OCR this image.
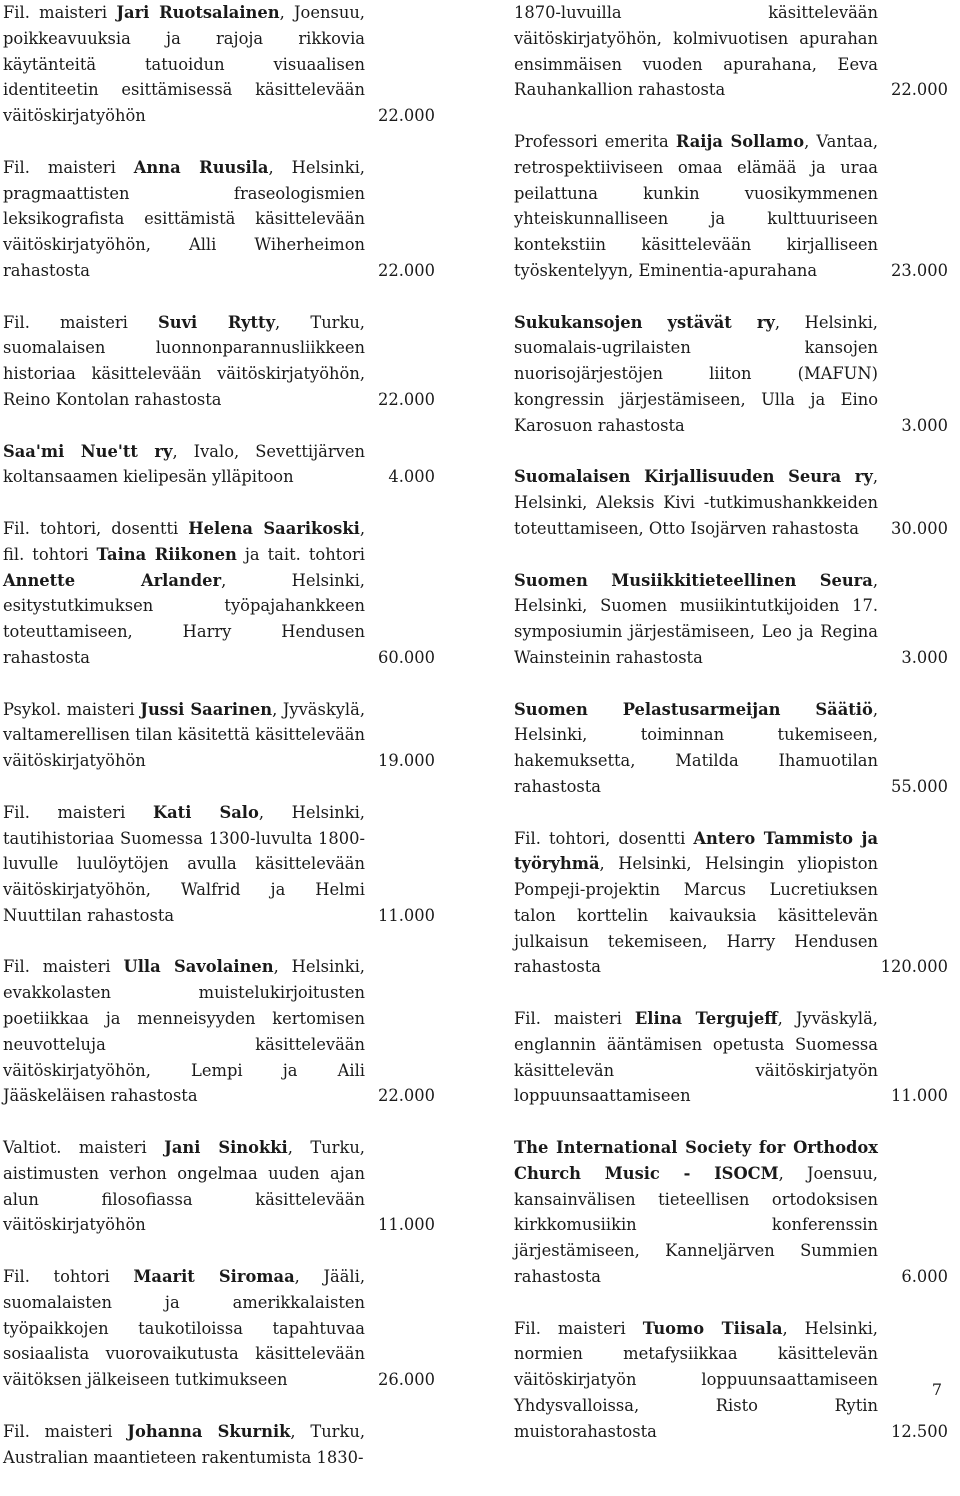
Fil. maisteri Jari Ruotsalainen, Joensuu, poikkeavuuksia ja rajoja rikkovia käytänteitä tatuoidun visuaalisen identiteetin esittämisessä käsittelevään väitöskirjatyöhön	22.000
Fil. maisteri Anna Ruusila, Helsinki, pragmaattisten fraseologismien leksikografista esittämistä käsittelevään väitöskirjatyöhön, Alli Wiherheimon rahastosta	22.000
Fil. maisteri Suvi Rytty, Turku, suomalaisen luonnonparannusliikkeen historiaa käsittelevään väitöskirjatyöhön, Reino Kontolan rahastosta	22.000
Saa'mi Nue'tt ry, Ivalo, Sevettijärven koltansaamen kielipesän ylläpitoon	4.000
Fil. tohtori, dosentti Helena Saarikoski, fil. tohtori Taina Riikonen ja tait. tohtori Annette Arlander, Helsinki, esitystutkimuksen työpajahankkeen toteuttamiseen, Harry Hendusen rahastosta	60.000
Psykol. maisteri Jussi Saarinen, Jyväskylä, valtamerellisen tilan käsitettä käsittelevään väitöskirjatyöhön	19.000
Fil. maisteri Kati Salo, Helsinki, tautihistoriaa Suomessa 1300-luvulta 1800-luvulle luulöytöjen avulla käsittelevään väitöskirjatyöhön, Walfrid ja Helmi Nuuttilan rahastosta	11.000
Fil. maisteri Ulla Savolainen, Helsinki, evakkolasten muistelukirjoitusten poetiikkaa ja menneisyyden kertomisen neuvotteluja käsittelevään väitöskirjatyöhön, Lempi ja Aili Jääskeläisen rahastosta	22.000
Valtiot. maisteri Jani Sinokki, Turku, aistimusten verhon ongelmaa uuden ajan alun filosofiassa käsittelevään väitöskirjatyöhön	11.000
Fil. tohtori Maarit Siromaa, Jääli, suomalaisten ja amerikkalaisten työpaikkojen taukotiloissa tapahtuvaa sosiaalista vuorovaikutusta käsittelevään väitöksen jälkeiseen tutkimukseen	26.000
Fil. maisteri Johanna Skurnik, Turku, Australian maantieteen rakentumista 1830-
1870-luvuilla käsittelevään väitöskirjatyöhön, kolmivuotisen apurahan ensimmäisen vuoden apurahana, Eeva Rauhankallion rahastosta	22.000
Professori emerita Raija Sollamo, Vantaa, retrospektiiviseen omaa elämää ja uraa peilattuna kunkin vuosikymmenen yhteiskunnalliseen ja kulttuuriseen kontekstiin käsittelevään kirjalliseen työskentelyyn, Eminentia-apurahana	23.000
Sukukansojen ystävät ry, Helsinki, suomalais-ugrilaisten kansojen nuorisojärjestöjen liiton (MAFUN) kongressin järjestämiseen, Ulla ja Eino Karosuon rahastosta	3.000
Suomalaisen Kirjallisuuden Seura ry, Helsinki, Aleksis Kivi -tutkimushankkeiden toteuttamiseen, Otto Isojärven rahastosta	30.000
Suomen Musiikkitieteellinen Seura, Helsinki, Suomen musiikintutkijoiden 17. symposiumin järjestämiseen, Leo ja Regina Wainsteinin rahastosta	3.000
Suomen Pelastusarmeijan Säätiö, Helsinki, toiminnan tukemiseen, hakemuksetta, Matilda Ihamuotilan rahastosta	55.000
Fil. tohtori, dosentti Antero Tammisto ja työryhmä, Helsinki, Helsingin yliopiston Pompeji-projektin Marcus Lucretiuksen talon korttelin kaivauksia käsittelevän julkaisun tekemiseen, Harry Hendusen rahastosta	120.000
Fil. maisteri Elina Tergujeff, Jyväskylä, englannin ääntämisen opetusta Suomessa käsittelevän väitöskirjatyön loppuunsaattamiseen	11.000
The International Society for Orthodox Church Music - ISOCM, Joensuu, kansainvälisen tieteellisen ortodoksisen kirkkomusiikin konferenssin järjestämiseen, Kanneljärven Summien rahastosta	6.000
Fil. maisteri Tuomo Tiisala, Helsinki, normien metafysiikkaa käsittelevän väitöskirjatyön loppuunsaattamiseen Yhdysvalloissa, Risto Rytin muistorahastosta	12.500
7
